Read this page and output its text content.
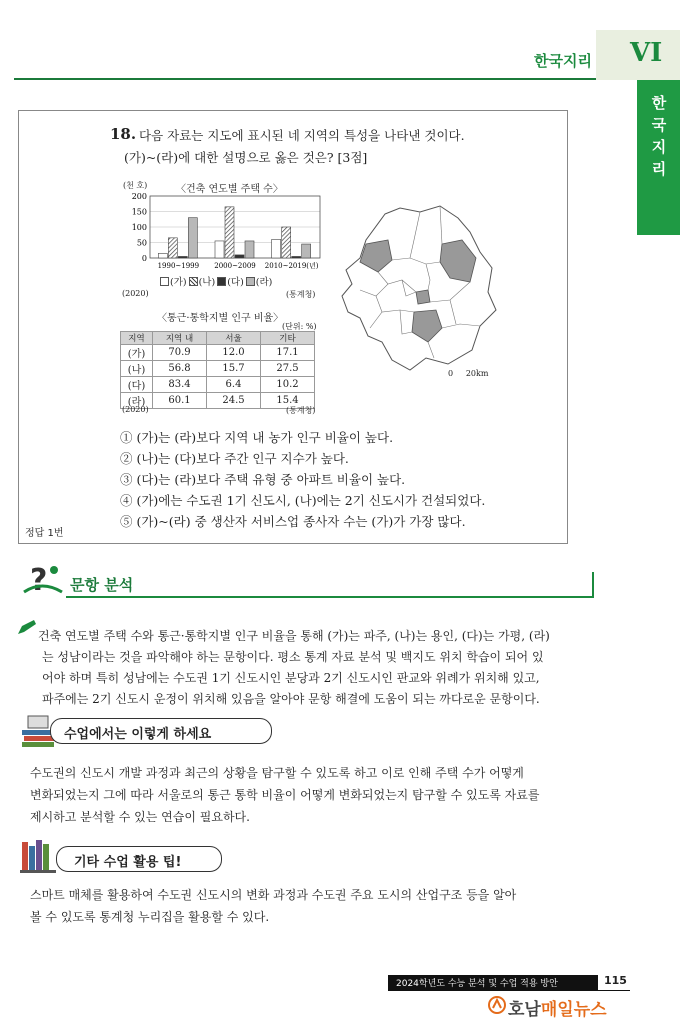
한국지리 VI
한
국
지
리
18. 다음 자료는 지도에 표시된 네 지역의 특성을 나타낸 것이다.
(가)~(라)에 대한 설명으로 옳은 것은? [3점]
(천 호)	〈건축 연도별 주택 수〉
200
150
100
50
0
1990~1999 2000~2009 2010~2019(년)
(가) (나) (다) (라)
(2020)	(통계청)
〈통근·통학지별 인구 비율〉
(단위: %)
지역	지역 내	서울	기타
(가)	70.9	12.0	17.1
(나)	56.8	15.7	27.5
(다)	83.4	6.4	10.2
(라)	60.1	24.5	15.4
(2020)	(통계청)
0 20km
① (가)는 (라)보다 지역 내 농가 인구 비율이 높다.
② (나)는 (다)보다 주간 인구 지수가 높다.
③ (다)는 (라)보다 주택 유형 중 아파트 비율이 높다.
④ (가)에는 수도권 1기 신도시, (나)에는 2기 신도시가 건설되었다.
⑤ (가)~(라) 중 생산자 서비스업 종사자 수는 (가)가 가장 많다.
정답 1번
? 문항 분석
건축 연도별 주택 수와 통근·통학지별 인구 비율을 통해 (가)는 파주, (나)는 용인, (다)는 가평, (라)
는 성남이라는 것을 파악해야 하는 문항이다. 평소 통계 자료 분석 및 백지도 위치 학습이 되어 있
어야 하며 특히 성남에는 수도권 1기 신도시인 분당과 2기 신도시인 판교와 위례가 위치해 있고,
파주에는 2기 신도시 운정이 위치해 있음을 알아야 문항 해결에 도움이 되는 까다로운 문항이다.
수업에서는 이렇게 하세요
수도권의 신도시 개발 과정과 최근의 상황을 탐구할 수 있도록 하고 이로 인해 주택 수가 어떻게
변화되었는지 그에 따라 서울로의 통근 통학 비율이 어떻게 변화되었는지 탐구할 수 있도록 자료를
제시하고 분석할 수 있는 연습이 필요하다.
기타 수업 활용 팁!
스마트 매체를 활용하여 수도권 신도시의 변화 과정과 수도권 주요 도시의 산업구조 등을 알아
볼 수 있도록 통계청 누리집을 활용할 수 있다.
2024학년도 수능 분석 및 수업 적용 방안	115
호남매일뉴스
